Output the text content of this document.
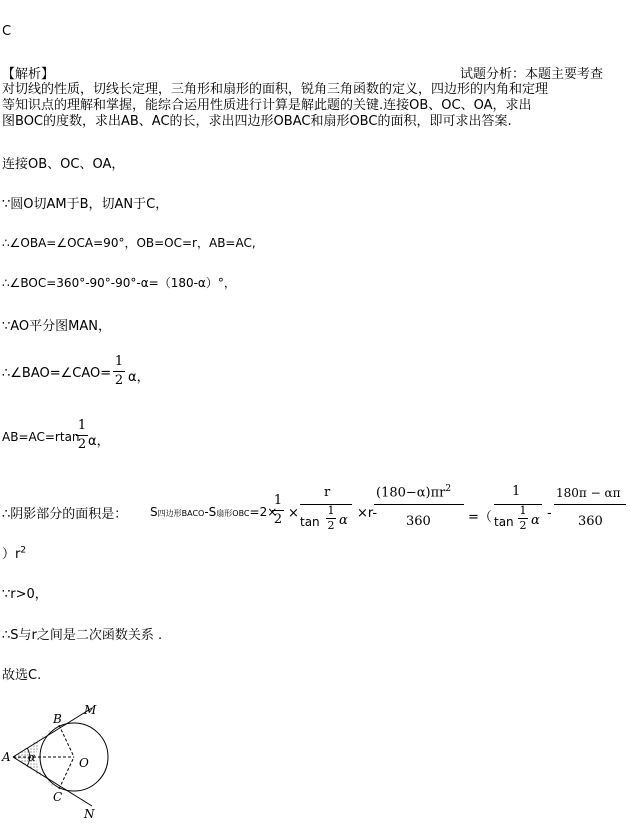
C
【解析】	试题分析：本题主要考查
对切线的性质，切线长定理，三角形和扇形的面积，锐角三角函数的定义，四边形的内角和定理
等知识点的理解和掌握，能综合运用性质进行计算是解此题的关键.连接OB、OC、OA，求出
图BOC的度数，求出AB、AC的长，求出四边形OBAC和扇形OBC的面积，即可求出答案.
连接OB、OC、OA，
∵圆O切AM于B，切AN于C，
∴∠OBA=∠OCA=90°，OB=OC=r，AB=AC,
∴∠BOC=360°-90°-90°-α=（180-α）°，
∵AO平分图MAN，
∴∠BAO=∠CAO=
1
2 α，
AB=AC=rtan
1
2 α，
∴阴影部分的面积是： S四边形BACO-S扇形OBC=2×
1
2 ×
r
tan
1
2 α ×r-
$(180-\alpha)\pi r^2$
360	=（
1
tan
1
2 α -
180π − απ
360
）$r^2$
∵r>0，
∴S与r之间是二次函数关系 .
故选C.
A
B
C
M
N
O
α
